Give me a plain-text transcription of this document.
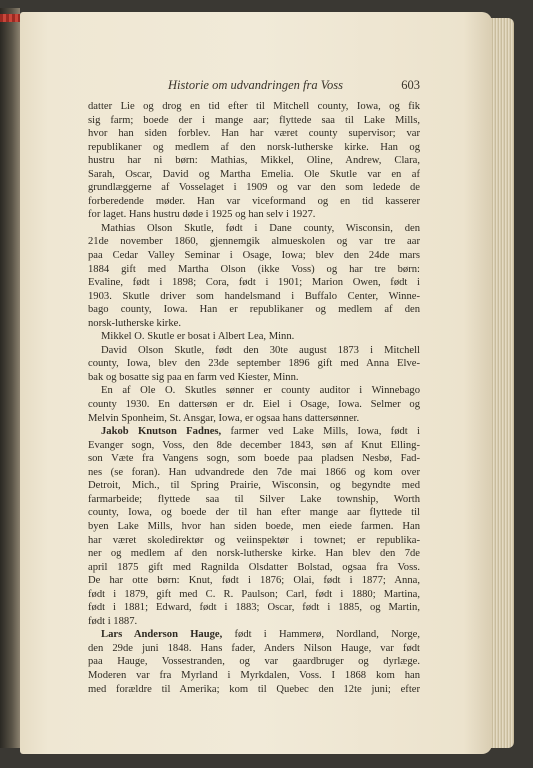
Historie om udvandringen fra Voss	603
datter Lie og drog en tid efter til Mitchell county, Iowa, og fik
sig farm; boede der i mange aar; flyttede saa til Lake Mills,
hvor han siden forblev. Han har været county supervisor; var
republikaner og medlem af den norsk-lutherske kirke. Han og
hustru har ni børn: Mathias, Mikkel, Oline, Andrew, Clara,
Sarah, Oscar, David og Martha Emelia. Ole Skutle var en af
grundlæggerne af Vosselaget i 1909 og var den som ledede de
forberedende møder. Han var viceformand og en tid kasserer
for laget. Hans hustru døde i 1925 og han selv i 1927.
Mathias Olson Skutle, født i Dane county, Wisconsin, den
21de november 1860, gjennemgik almueskolen og var tre aar
paa Cedar Valley Seminar i Osage, Iowa; blev den 24de mars
1884 gift med Martha Olson (ikke Voss) og har tre børn:
Evaline, født i 1898; Cora, født i 1901; Marion Owen, født i
1903. Skutle driver som handelsmand i Buffalo Center, Winne-
bago county, Iowa. Han er republikaner og medlem af den
norsk-lutherske kirke.
Mikkel O. Skutle er bosat i Albert Lea, Minn.
David Olson Skutle, født den 30te august 1873 i Mitchell
county, Iowa, blev den 23de september 1896 gift med Anna Elve-
bak og bosatte sig paa en farm ved Kiester, Minn.
En af Ole O. Skutles sønner er county auditor i Winnebago
county 1930. En dattersøn er dr. Eiel i Osage, Iowa. Selmer og
Melvin Sponheim, St. Ansgar, Iowa, er ogsaa hans dattersønner.
Jakob Knutson Fadnes, farmer ved Lake Mills, Iowa, født i
Evanger sogn, Voss, den 8de december 1843, søn af Knut Elling-
son Væte fra Vangens sogn, som boede paa pladsen Nesbø, Fad-
nes (se foran). Han udvandrede den 7de mai 1866 og kom over
Detroit, Mich., til Spring Prairie, Wisconsin, og begyndte med
farmarbeide; flyttede saa til Silver Lake township, Worth
county, Iowa, og boede der til han efter mange aar flyttede til
byen Lake Mills, hvor han siden boede, men eiede farmen. Han
har været skoledirektør og veiinspektør i townet; er republika-
ner og medlem af den norsk-lutherske kirke. Han blev den 7de
april 1875 gift med Ragnilda Olsdatter Bolstad, ogsaa fra Voss.
De har otte børn: Knut, født i 1876; Olai, født i 1877; Anna,
født i 1879, gift med C. R. Paulson; Carl, født i 1880; Martina,
født i 1881; Edward, født i 1883; Oscar, født i 1885, og Martin,
født i 1887.
Lars Anderson Hauge, født i Hammerø, Nordland, Norge,
den 29de juni 1848. Hans fader, Anders Nilson Hauge, var født
paa Hauge, Vossestranden, og var gaardbruger og dyrlæge.
Moderen var fra Myrland i Myrkdalen, Voss. I 1868 kom han
med forældre til Amerika; kom til Quebec den 12te juni; efter
